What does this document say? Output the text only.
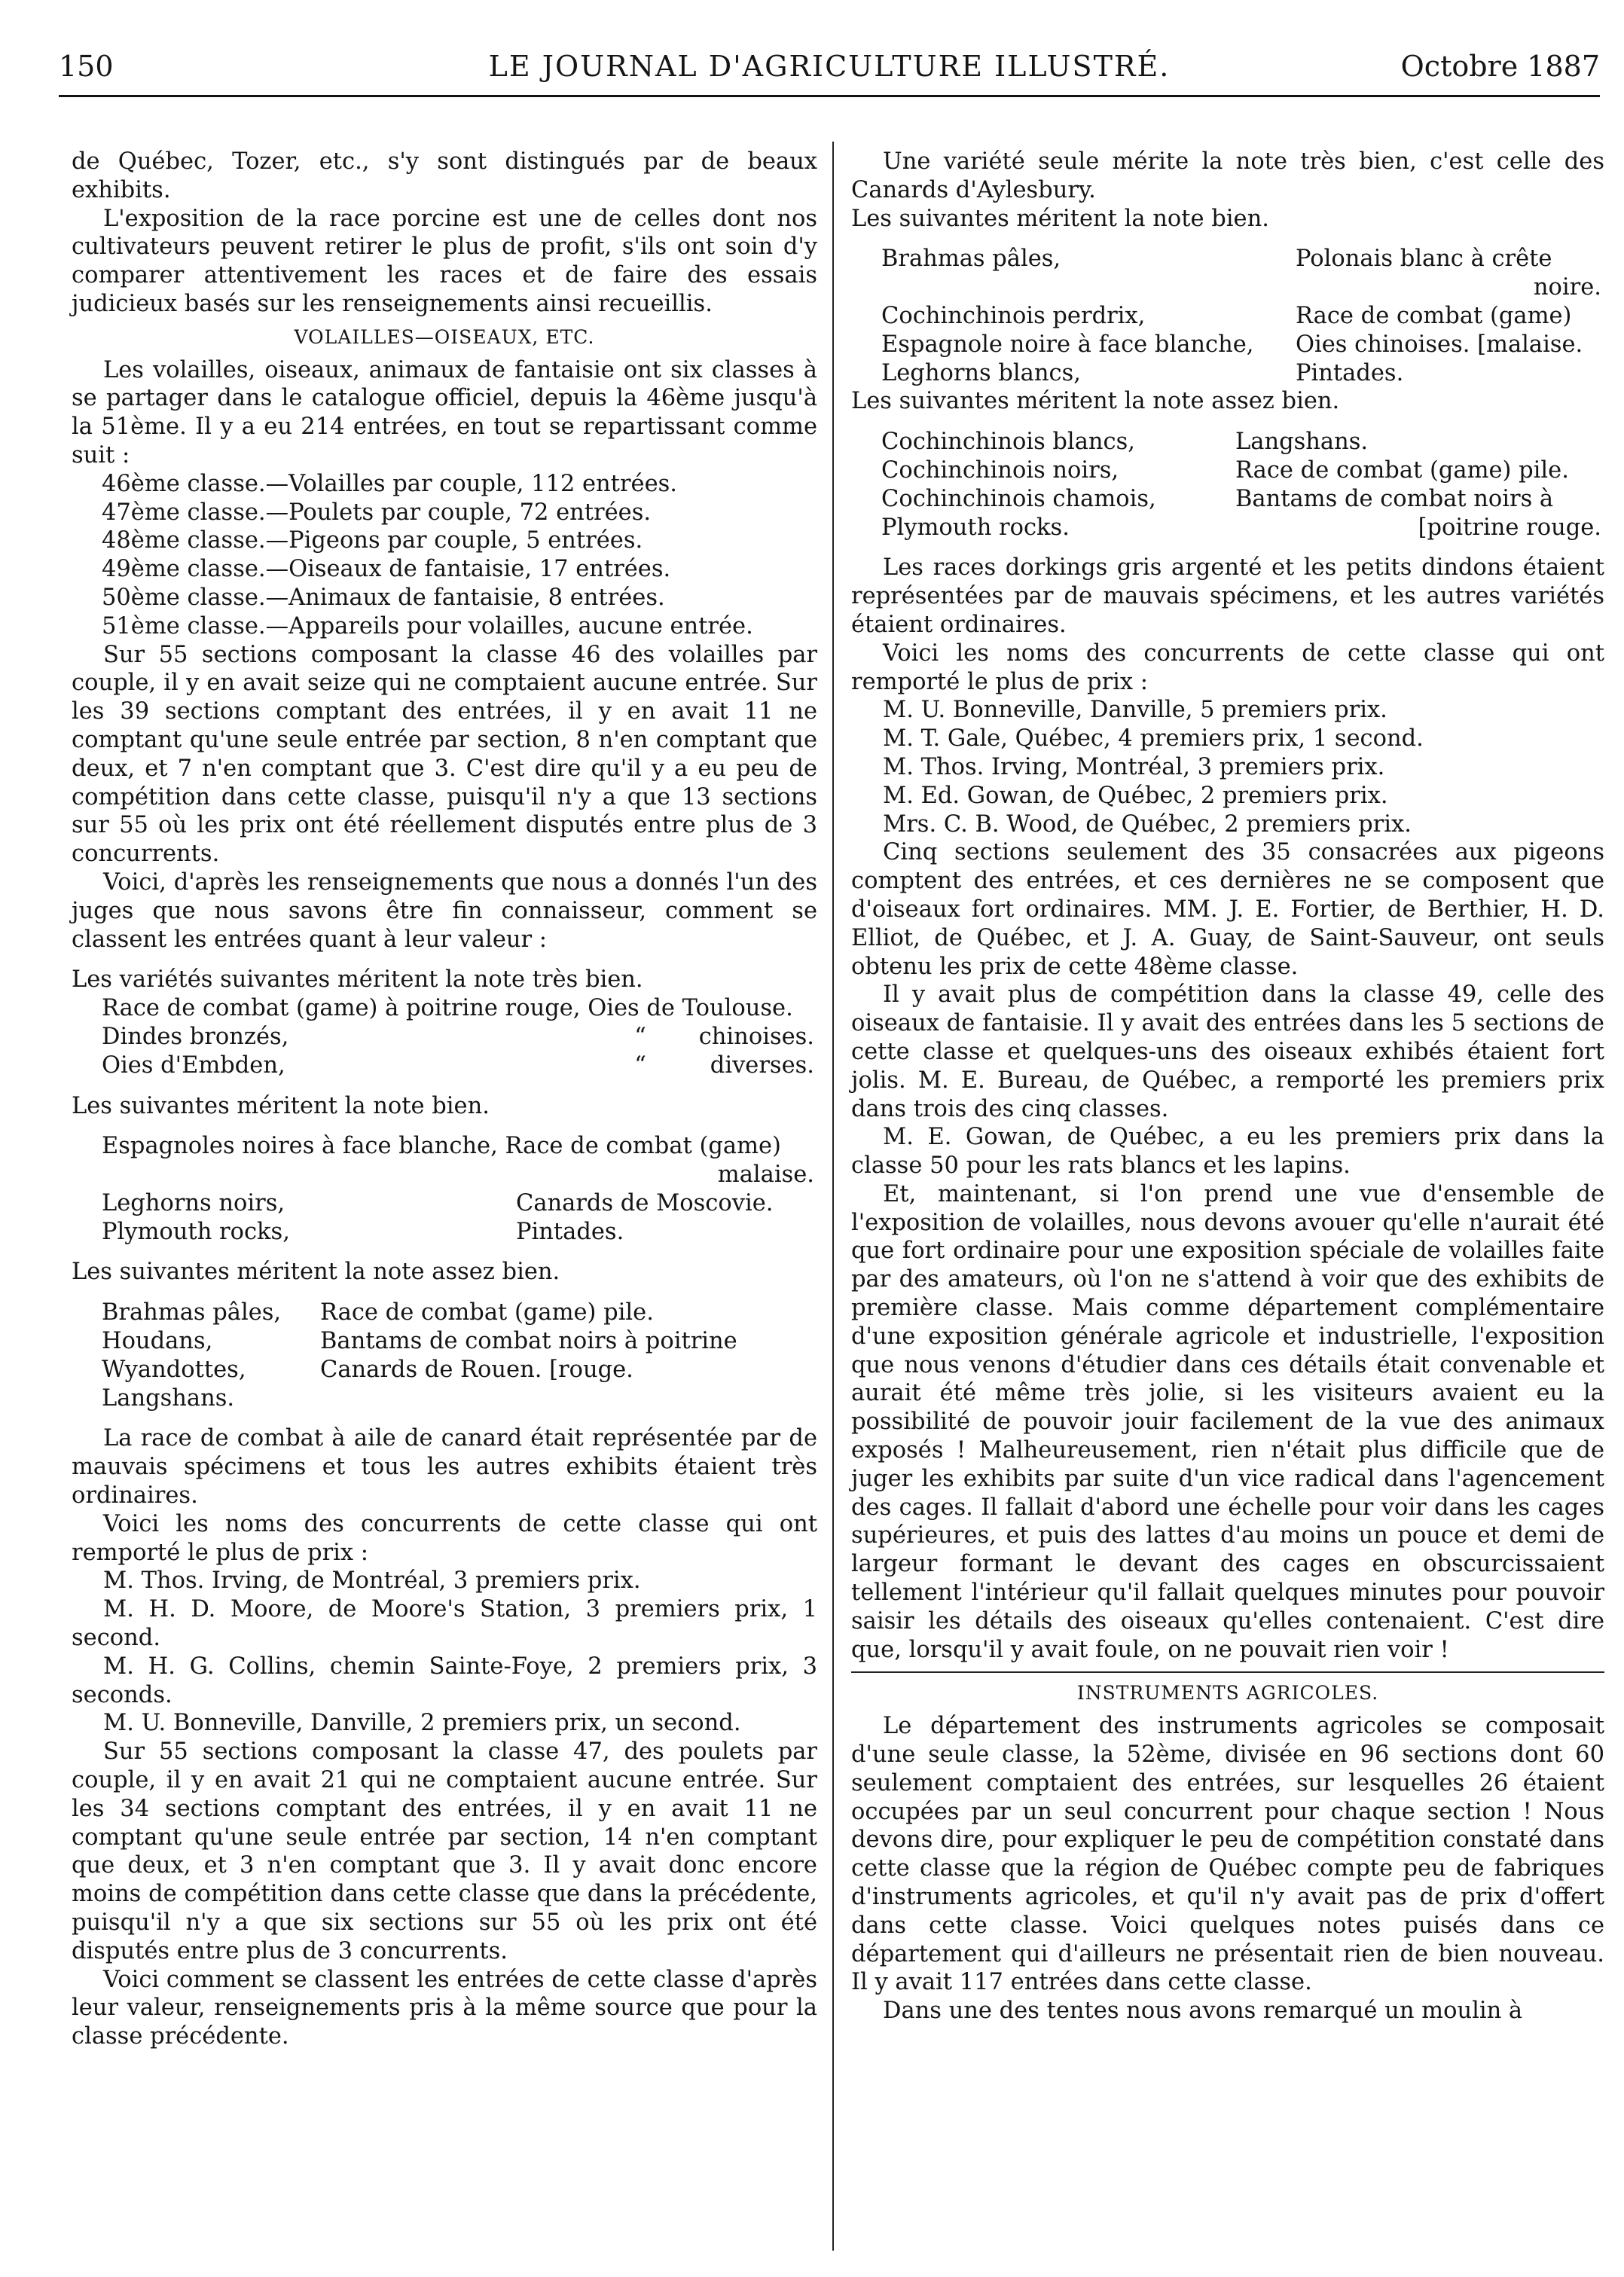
150	LE JOURNAL D'AGRICULTURE ILLUSTRÉ.	Octobre 1887

de Québec, Tozer, etc., s'y sont distingués par de beaux exhibits.

L'exposition de la race porcine est une de celles dont nos cultivateurs peuvent retirer le plus de profit, s'ils ont soin d'y comparer attentivement les races et de faire des essais judicieux basés sur les renseignements ainsi recueillis.

VOLAILLES—OISEAUX, ETC.

Les volailles, oiseaux, animaux de fantaisie ont six classes à se partager dans le catalogue officiel, depuis la 46ème jusqu'à la 51ème. Il y a eu 214 entrées, en tout se repartissant comme suit :

46ème classe.—Volailles par couple, 112 entrées.
47ème classe.—Poulets par couple, 72 entrées.
48ème classe.—Pigeons par couple, 5 entrées.
49ème classe.—Oiseaux de fantaisie, 17 entrées.
50ème classe.—Animaux de fantaisie, 8 entrées.
51ème classe.—Appareils pour volailles, aucune entrée.

Sur 55 sections composant la classe 46 des volailles par couple, il y en avait seize qui ne comptaient aucune entrée. Sur les 39 sections comptant des entrées, il y en avait 11 ne comptant qu'une seule entrée par section, 8 n'en comptant que deux, et 7 n'en comptant que 3. C'est dire qu'il y a eu peu de compétition dans cette classe, puisqu'il n'y a que 13 sections sur 55 où les prix ont été réellement disputés entre plus de 3 concurrents.

Voici, d'après les renseignements que nous a donnés l'un des juges que nous savons être fin connaisseur, comment se classent les entrées quant à leur valeur :

Les variétés suivantes méritent la note très bien.

Race de combat (game) à poitrine rouge, Oies de Toulouse.
Dindes bronzés,	“	chinoises.
Oies d'Embden,	“	diverses.

Les suivantes méritent la note bien.

Espagnoles noires à face blanche, Race de combat (game)
malaise.
Leghorns noirs,	Canards de Moscovie.
Plymouth rocks,	Pintades.

Les suivantes méritent la note assez bien.

Brahmas pâles,	Race de combat (game) pile.
Houdans,	Bantams de combat noirs à poitrine
Wyandottes,	Canards de Rouen. [rouge.
Langshans.

La race de combat à aile de canard était représentée par de mauvais spécimens et tous les autres exhibits étaient très ordinaires.

Voici les noms des concurrents de cette classe qui ont remporté le plus de prix :

M. Thos. Irving, de Montréal, 3 premiers prix.

M. H. D. Moore, de Moore's Station, 3 premiers prix, 1 second.

M. H. G. Collins, chemin Sainte-Foye, 2 premiers prix, 3 seconds.

M. U. Bonneville, Danville, 2 premiers prix, un second.

Sur 55 sections composant la classe 47, des poulets par couple, il y en avait 21 qui ne comptaient aucune entrée. Sur les 34 sections comptant des entrées, il y en avait 11 ne comptant qu'une seule entrée par section, 14 n'en comptant que deux, et 3 n'en comptant que 3. Il y avait donc encore moins de compétition dans cette classe que dans la précédente, puisqu'il n'y a que six sections sur 55 où les prix ont été disputés entre plus de 3 concurrents.

Voici comment se classent les entrées de cette classe d'après leur valeur, renseignements pris à la même source que pour la classe précédente.

Une variété seule mérite la note très bien, c'est celle des Canards d'Aylesbury.

Les suivantes méritent la note bien.

Brahmas pâles,	Polonais blanc à crête
noire.
Cochinchinois perdrix,	Race de combat (game)
Espagnole noire à face blanche,	Oies chinoises. [malaise.
Leghorns blancs,	Pintades.

Les suivantes méritent la note assez bien.

Cochinchinois blancs,	Langshans.
Cochinchinois noirs,	Race de combat (game) pile.
Cochinchinois chamois,	Bantams de combat noirs à
Plymouth rocks.	[poitrine rouge.

Les races dorkings gris argenté et les petits dindons étaient représentées par de mauvais spécimens, et les autres variétés étaient ordinaires.

Voici les noms des concurrents de cette classe qui ont remporté le plus de prix :

M. U. Bonneville, Danville, 5 premiers prix.

M. T. Gale, Québec, 4 premiers prix, 1 second.

M. Thos. Irving, Montréal, 3 premiers prix.

M. Ed. Gowan, de Québec, 2 premiers prix.

Mrs. C. B. Wood, de Québec, 2 premiers prix.

Cinq sections seulement des 35 consacrées aux pigeons comptent des entrées, et ces dernières ne se composent que d'oiseaux fort ordinaires. MM. J. E. Fortier, de Berthier, H. D. Elliot, de Québec, et J. A. Guay, de Saint-Sauveur, ont seuls obtenu les prix de cette 48ème classe.

Il y avait plus de compétition dans la classe 49, celle des oiseaux de fantaisie. Il y avait des entrées dans les 5 sections de cette classe et quelques-uns des oiseaux exhibés étaient fort jolis. M. E. Bureau, de Québec, a remporté les premiers prix dans trois des cinq classes.

M. E. Gowan, de Québec, a eu les premiers prix dans la classe 50 pour les rats blancs et les lapins.

Et, maintenant, si l'on prend une vue d'ensemble de l'exposition de volailles, nous devons avouer qu'elle n'aurait été que fort ordinaire pour une exposition spéciale de volailles faite par des amateurs, où l'on ne s'attend à voir que des exhibits de première classe. Mais comme département complémentaire d'une exposition générale agricole et industrielle, l'exposition que nous venons d'étudier dans ces détails était convenable et aurait été même très jolie, si les visiteurs avaient eu la possibilité de pouvoir jouir facilement de la vue des animaux exposés ! Malheureusement, rien n'était plus difficile que de juger les exhibits par suite d'un vice radical dans l'agencement des cages. Il fallait d'abord une échelle pour voir dans les cages supérieures, et puis des lattes d'au moins un pouce et demi de largeur formant le devant des cages en obscurcissaient tellement l'intérieur qu'il fallait quelques minutes pour pouvoir saisir les détails des oiseaux qu'elles contenaient. C'est dire que, lorsqu'il y avait foule, on ne pouvait rien voir !

INSTRUMENTS AGRICOLES.

Le département des instruments agricoles se composait d'une seule classe, la 52ème, divisée en 96 sections dont 60 seulement comptaient des entrées, sur lesquelles 26 étaient occupées par un seul concurrent pour chaque section ! Nous devons dire, pour expliquer le peu de compétition constaté dans cette classe que la région de Québec compte peu de fabriques d'instruments agricoles, et qu'il n'y avait pas de prix d'offert dans cette classe. Voici quelques notes puisés dans ce département qui d'ailleurs ne présentait rien de bien nouveau. Il y avait 117 entrées dans cette classe.

Dans une des tentes nous avons remarqué un moulin à
